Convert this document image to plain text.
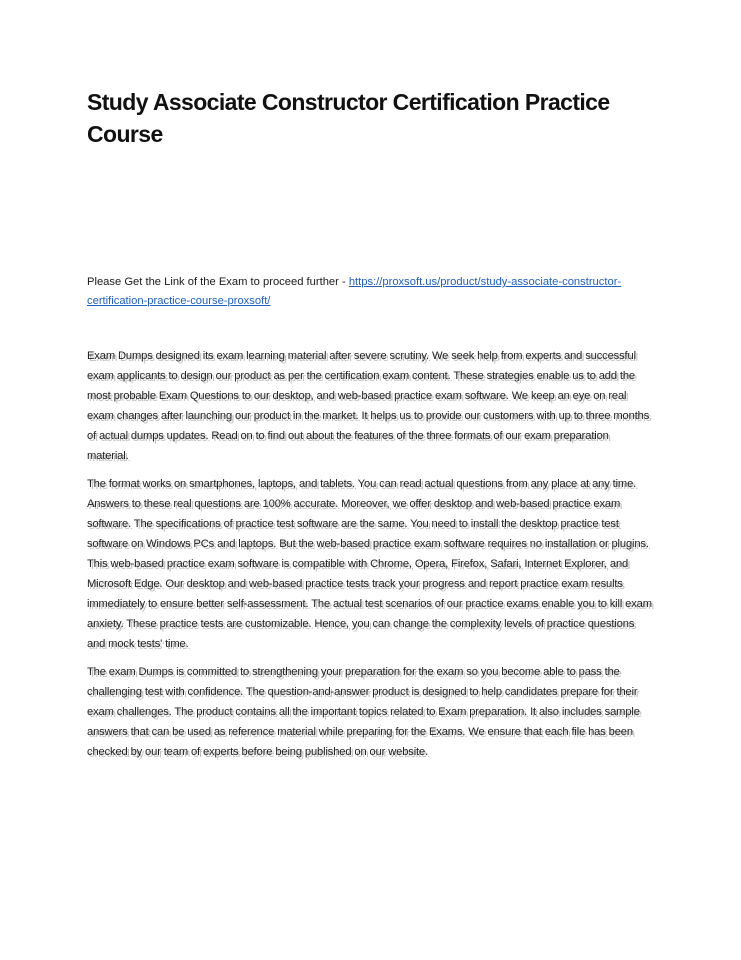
Study Associate Constructor Certification Practice Course

Please Get the Link of the Exam to proceed further - https://proxsoft.us/product/study-associate-constructor-certification-practice-course-proxsoft/

Exam Dumps designed its exam learning material after severe scrutiny. We seek help from experts and successful exam applicants to design our product as per the certification exam content. These strategies enable us to add the most probable Exam Questions to our desktop, and web-based practice exam software. We keep an eye on real exam changes after launching our product in the market. It helps us to provide our customers with up to three months of actual dumps updates. Read on to find out about the features of the three formats of our exam preparation material.

The format works on smartphones, laptops, and tablets. You can read actual questions from any place at any time. Answers to these real questions are 100% accurate. Moreover, we offer desktop and web-based practice exam software. The specifications of practice test software are the same. You need to install the desktop practice test software on Windows PCs and laptops. But the web-based practice exam software requires no installation or plugins. This web-based practice exam software is compatible with Chrome, Opera, Firefox, Safari, Internet Explorer, and Microsoft Edge. Our desktop and web-based practice tests track your progress and report practice exam results immediately to ensure better self-assessment. The actual test scenarios of our practice exams enable you to kill exam anxiety. These practice tests are customizable. Hence, you can change the complexity levels of practice questions and mock tests' time.

The exam Dumps is committed to strengthening your preparation for the exam so you become able to pass the challenging test with confidence. The question-and-answer product is designed to help candidates prepare for their exam challenges. The product contains all the important topics related to Exam preparation. It also includes sample answers that can be used as reference material while preparing for the Exams. We ensure that each file has been checked by our team of experts before being published on our website.
